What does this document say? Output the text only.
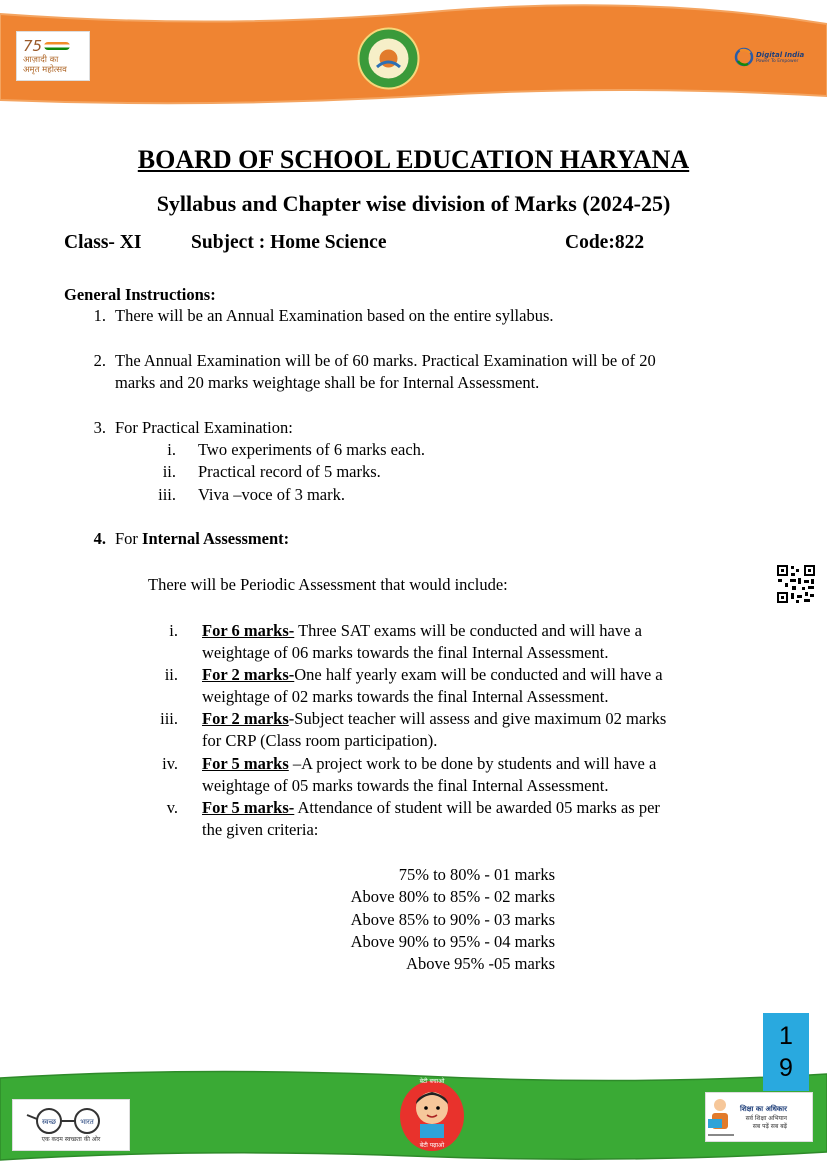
75
आज़ादी का
अमृत महोत्सव
Digital India
Power To Empower
BOARD OF SCHOOL EDUCATION HARYANA
Syllabus and Chapter wise division of Marks (2024-25)
Class- XI	Subject : Home Science	Code:822
General Instructions:
1. There will be an Annual Examination based on the entire syllabus.
2. The Annual Examination will be of 60 marks. Practical Examination will be of 20
marks and 20 marks weightage shall be for Internal Assessment.
3. For Practical Examination:
i. Two experiments of 6 marks each.
ii. Practical record of 5 marks.
iii. Viva –voce of 3 mark.
4. For Internal Assessment:
There will be Periodic Assessment that would include:
i. For 6 marks- Three SAT exams will be conducted and will have a
weightage of 06 marks towards the final Internal Assessment.
ii. For 2 marks-One half yearly exam will be conducted and will have a
weightage of 02 marks towards the final Internal Assessment.
iii. For 2 marks-Subject teacher will assess and give maximum 02 marks
for CRP (Class room participation).
iv. For 5 marks –A project work to be done by students and will have a
weightage of 05 marks towards the final Internal Assessment.
v. For 5 marks- Attendance of student will be awarded 05 marks as per
the given criteria:
75% to 80% - 01 marks
Above 80% to 85% - 02 marks
Above 85% to 90% - 03 marks
Above 90% to 95% - 04 marks
Above 95% -05 marks
1
9
स्वच्छ	भारत
एक कदम स्वच्छता की ओर
बेटी बचाओ
बेटी पढ़ाओ
शिक्षा का अधिकार
सर्व शिक्षा अभियान
सब पढ़ें सब बढ़ें
